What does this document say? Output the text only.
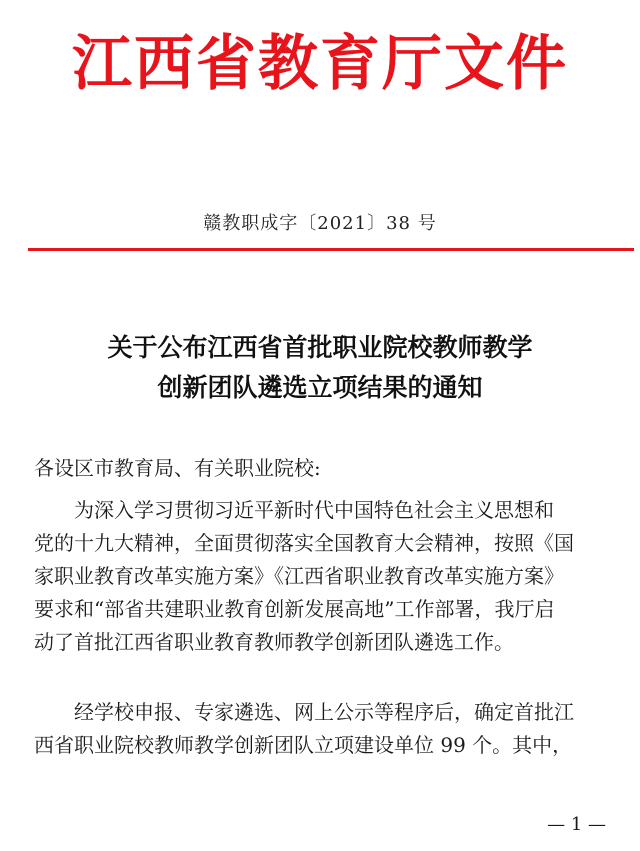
江西省教育厅文件
赣教职成字〔2021〕38 号
关于公布江西省首批职业院校教师教学
创新团队遴选立项结果的通知
各设区市教育局、有关职业院校:
　　为深入学习贯彻习近平新时代中国特色社会主义思想和
党的十九大精神，全面贯彻落实全国教育大会精神，按照《国
家职业教育改革实施方案》《江西省职业教育改革实施方案》
要求和“部省共建职业教育创新发展高地”工作部署，我厅启
动了首批江西省职业教育教师教学创新团队遴选工作。
　　经学校申报、专家遴选、网上公示等程序后，确定首批江
西省职业院校教师教学创新团队立项建设单位 99 个。其中，
— 1 —
